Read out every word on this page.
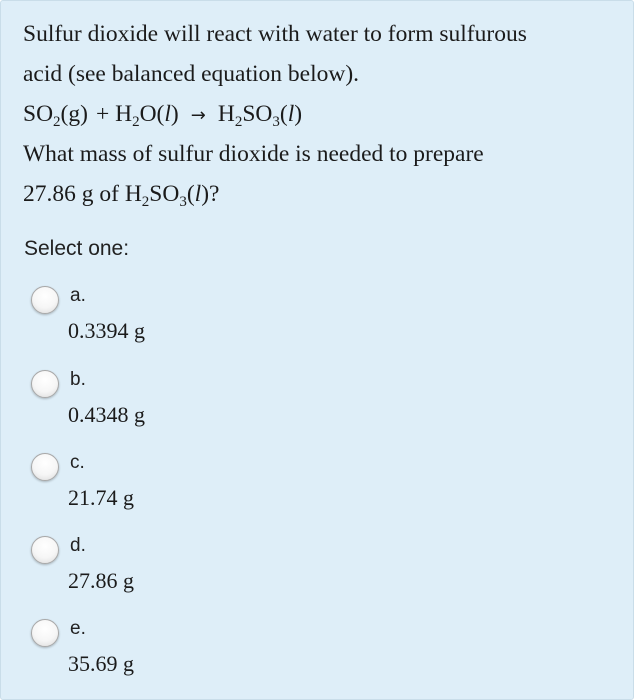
Sulfur dioxide will react with water to form sulfurous
acid (see balanced equation below).
$SO_2(g) + H_2O(l) \to H_2SO_3(l)$
What mass of sulfur dioxide is needed to prepare
27.86 g of $H_2SO_3(l)$?
Select one:
a.
0.3394 g
b.
0.4348 g
c.
21.74 g
d.
27.86 g
e.
35.69 g
